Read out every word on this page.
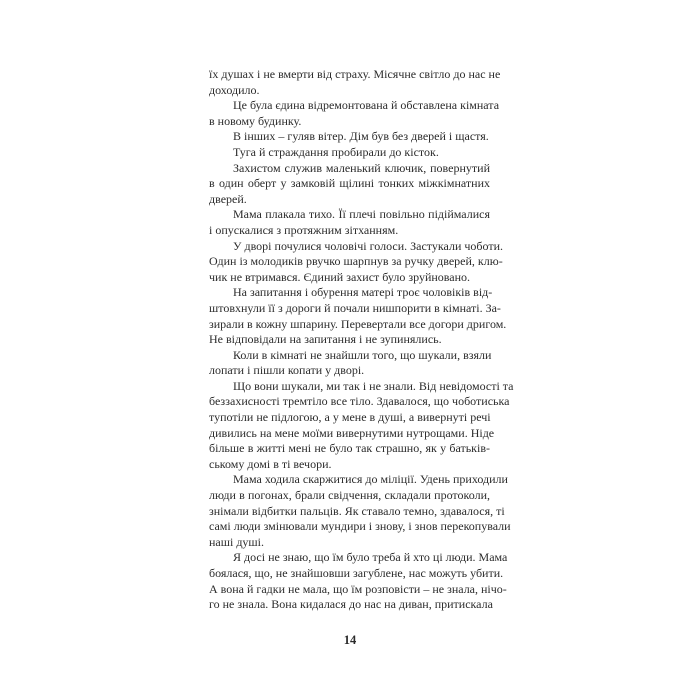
їх душах і не вмерти від страху. Місячне світло до нас не
доходило.
Це була єдина відремонтована й обставлена кімната
в новому будинку.
В інших – гуляв вітер. Дім був без дверей і щастя.
Туга й страждання пробирали до кісток.
Захистом служив маленький ключик, повернутий
в один оберт у замковій щілині тонких міжкімнатних
дверей.
Мама плакала тихо. Її плечі повільно підіймалися
і опускалися з протяжним зітханням.
У дворі почулися чоловічі голоси. Застукали чоботи.
Один із молодиків рвучко шарпнув за ручку дверей, клю-
чик не втримався. Єдиний захист було зруйновано.
На запитання і обурення матері троє чоловіків від-
штовхнули її з дороги й почали нишпорити в кімнаті. За-
зирали в кожну шпарину. Перевертали все догори дригом.
Не відповідали на запитання і не зупинялись.
Коли в кімнаті не знайшли того, що шукали, взяли
лопати і пішли копати у дворі.
Що вони шукали, ми так і не знали. Від невідомості та
беззахисності тремтіло все тіло. Здавалося, що чоботиська
тупотіли не підлогою, а у мене в душі, а вивернуті речі
дивились на мене моїми вивернутими нутрощами. Ніде
більше в житті мені не було так страшно, як у батьків-
ському домі в ті вечори.
Мама ходила скаржитися до міліції. Удень приходили
люди в погонах, брали свідчення, складали протоколи,
знімали відбитки пальців. Як ставало темно, здавалося, ті
самі люди змінювали мундири і знову, і знов перекопували
наші душі.
Я досі не знаю, що їм було треба й хто ці люди. Мама
боялася, що, не знайшовши загублене, нас можуть убити.
А вона й гадки не мала, що їм розповісти – не знала, нічо-
го не знала. Вона кидалася до нас на диван, притискала
14
